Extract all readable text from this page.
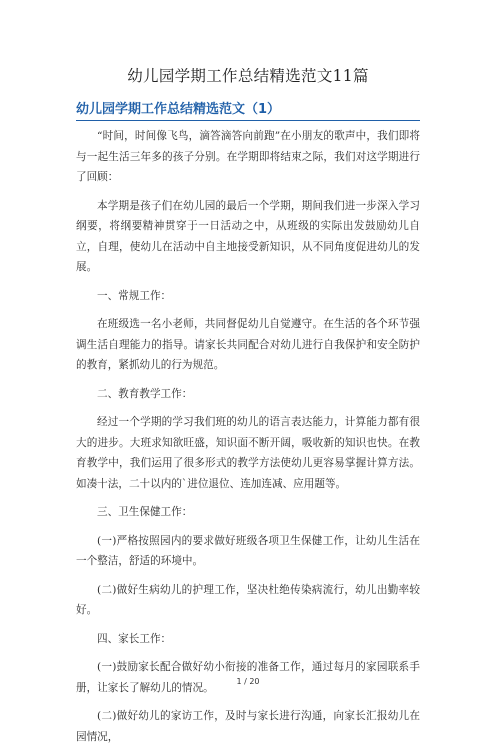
幼儿园学期工作总结精选范文11篇
幼儿园学期工作总结精选范文（1）

“时间，时间像飞鸟，滴答滴答向前跑”在小朋友的歌声中，我们即将与一起生活三年多的孩子分别。在学期即将结束之际，我们对这学期进行了回顾：

本学期是孩子们在幼儿园的最后一个学期，期间我们进一步深入学习纲要，将纲要精神贯穿于一日活动之中，从班级的实际出发鼓励幼儿自立，自理，使幼儿在活动中自主地接受新知识，从不同角度促进幼儿的发展。

一、常规工作：

在班级选一名小老师，共同督促幼儿自觉遵守。在生活的各个环节强调生活自理能力的指导。请家长共同配合对幼儿进行自我保护和安全防护的教育，紧抓幼儿的行为规范。

二、教育教学工作：

经过一个学期的学习我们班的幼儿的语言表达能力，计算能力都有很大的进步。大班求知欲旺盛，知识面不断开阔，吸收新的知识也快。在教育教学中，我们运用了很多形式的教学方法使幼儿更容易掌握计算方法。如凑十法，二十以内的`进位退位、连加连减、应用题等。

三、卫生保健工作：

(一)严格按照园内的要求做好班级各项卫生保健工作，让幼儿生活在一个整洁，舒适的环境中。

(二)做好生病幼儿的护理工作，坚决杜绝传染病流行，幼儿出勤率较好。

四、家长工作：

(一)鼓励家长配合做好幼小衔接的准备工作，通过每月的家园联系手册，让家长了解幼儿的情况。

(二)做好幼儿的家访工作，及时与家长进行沟通，向家长汇报幼儿在园情况，

1 / 20
